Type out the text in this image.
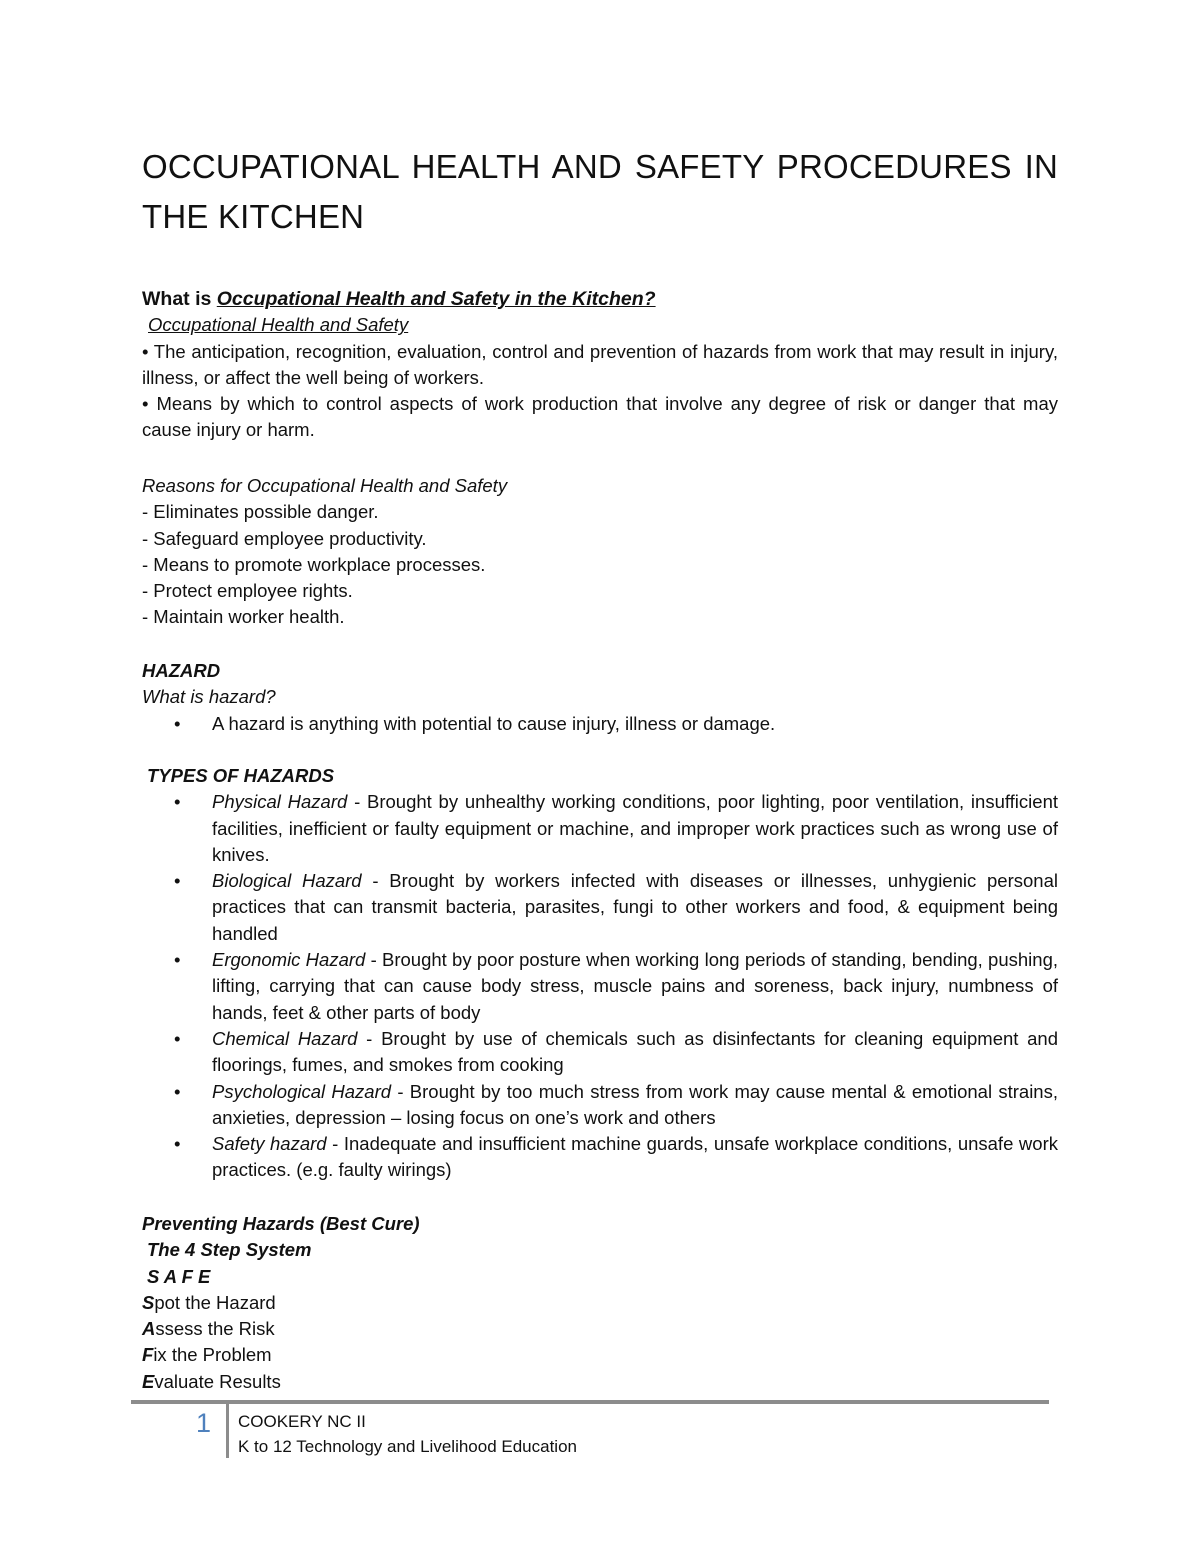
OCCUPATIONAL HEALTH AND SAFETY PROCEDURES IN THE KITCHEN
What is Occupational Health and Safety in the Kitchen?
Occupational Health and Safety
• The anticipation, recognition, evaluation, control and prevention of hazards from work that may result in injury, illness, or affect the well being of workers.
• Means by which to control aspects of work production that involve any degree of risk or danger that may cause injury or harm.
Reasons for Occupational Health and Safety
- Eliminates possible danger.
- Safeguard employee productivity.
- Means to promote workplace processes.
- Protect employee rights.
- Maintain worker health.
HAZARD
What is hazard?
• A hazard is anything with potential to cause injury, illness or damage.
TYPES OF HAZARDS
• Physical Hazard - Brought by unhealthy working conditions, poor lighting, poor ventilation, insufficient facilities, inefficient or faulty equipment or machine, and improper work practices such as wrong use of knives.
• Biological Hazard - Brought by workers infected with diseases or illnesses, unhygienic personal practices that can transmit bacteria, parasites, fungi to other workers and food, & equipment being handled
• Ergonomic Hazard - Brought by poor posture when working long periods of standing, bending, pushing, lifting, carrying that can cause body stress, muscle pains and soreness, back injury, numbness of hands, feet & other parts of body
• Chemical Hazard - Brought by use of chemicals such as disinfectants for cleaning equipment and floorings, fumes, and smokes from cooking
• Psychological Hazard - Brought by too much stress from work may cause mental & emotional strains, anxieties, depression – losing focus on one’s work and others
• Safety hazard - Inadequate and insufficient machine guards, unsafe workplace conditions, unsafe work practices. (e.g. faulty wirings)
Preventing Hazards (Best Cure)
The 4 Step System
S A F E
Spot the Hazard
Assess the Risk
Fix the Problem
Evaluate Results
1 COOKERY NC II
K to 12 Technology and Livelihood Education
